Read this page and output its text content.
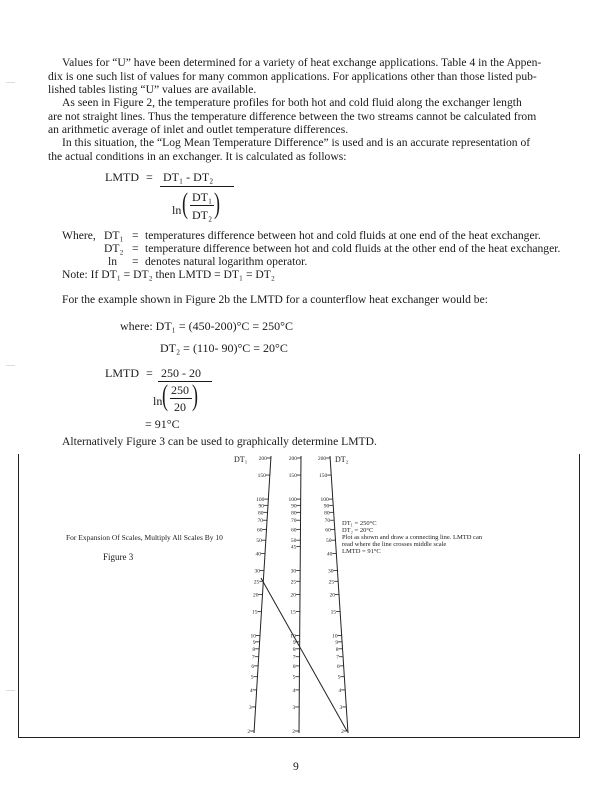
Values for “U” have been determined for a variety of heat exchange applications. Table 4 in the Appen-
dix is one such list of values for many common applications. For applications other than those listed pub-
lished tables listing “U” values are available.
As seen in Figure 2, the temperature profiles for both hot and cold fluid along the exchanger length
are not straight lines. Thus the temperature difference between the two streams cannot be calculated from
an arithmetic average of inlet and outlet temperature differences.
In this situation, the “Log Mean Temperature Difference” is used and is an accurate representation of
the actual conditions in an exchanger. It is calculated as follows:
LMTD = DT₁ - DT₂
ln ( DT₁
DT₂ )
Where, DT₁ = temperatures difference between hot and cold fluids at one end of the heat exchanger.
DT₂ = temperature difference between hot and cold fluids at the other end of the heat exchanger.
ln = denotes natural logarithm operator.
Note: If DT₁ = DT₂ then LMTD = DT₁ = DT₂
For the example shown in Figure 2b the LMTD for a counterflow heat exchanger would be:
where: DT₁ = (450-200)°C = 250°C
DT₂ = (110- 90)°C = 20°C
LMTD = 250 - 20
ln ( 250
20 )
= 91°C
Alternatively Figure 3 can be used to graphically determine LMTD.
For Expansion Of Scales, Multiply All Scales By 10
Figure 3
DT₁	DT₂
DT₁ = 250°C
DT₂ = 20°C
Plot as shown and draw a connecting line. LMTD can
read where the line crosses middle scale
LMTD = 91°C
200
150
100
90
80
70
60
50
40
30
25
20
15
10
9
8
7
6
5
4
3
2
200
150
100
90
80
70
60
50
45
30
25
20
15
10
9
8
7
6
5
4
3
2
200
150
100
90
80
70
60
50
40
30
25
20
15
10
9
8
7
6
5
4
3
2
9
—
—
—
